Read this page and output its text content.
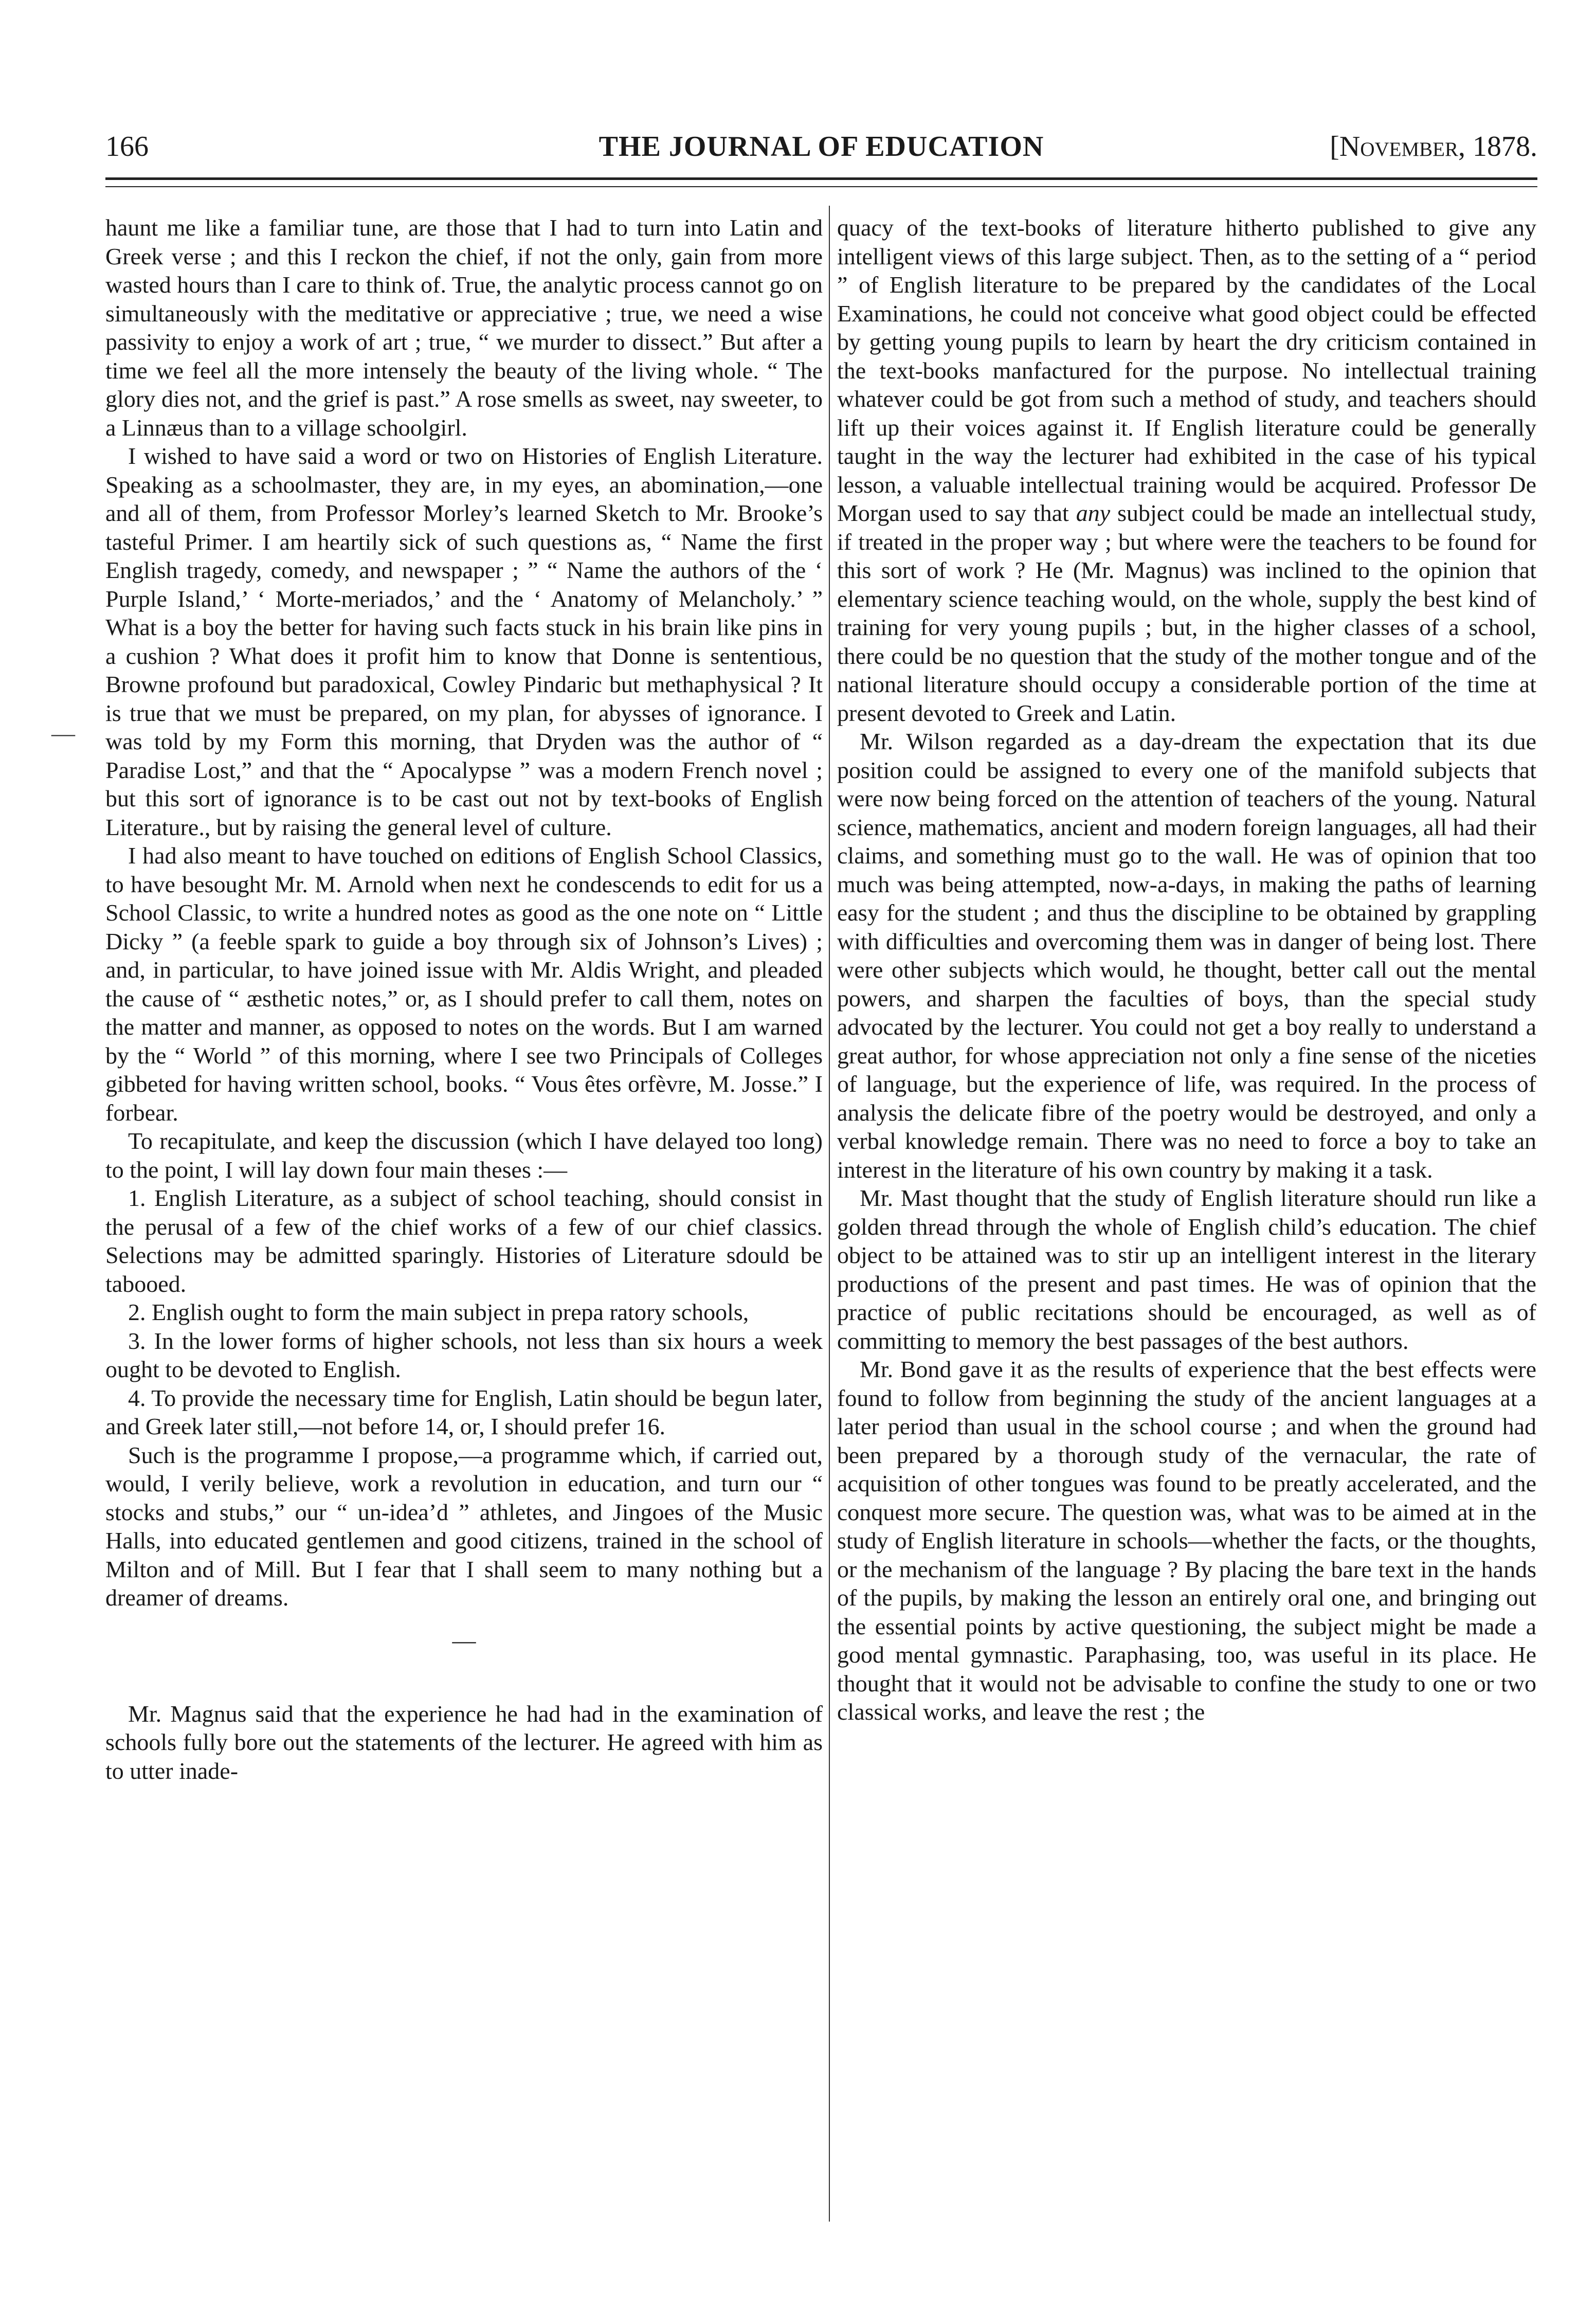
166	THE JOURNAL OF EDUCATION	[November, 1878.
—

haunt me like a familiar tune, are those that I had to turn into Latin and Greek verse ; and this I reckon the chief, if not the only, gain from more wasted hours than I care to think of. True, the analytic process cannot go on simultaneously with the meditative or appreciative ; true, we need a wise passivity to enjoy a work of art ; true, “ we murder to dissect.” But after a time we feel all the more intensely the beauty of the living whole. “ The glory dies not, and the grief is past.” A rose smells as sweet, nay sweeter, to a Linnæus than to a village schoolgirl.

I wished to have said a word or two on Histories of English Literature. Speaking as a schoolmaster, they are, in my eyes, an abomination,—one and all of them, from Professor Morley’s learned Sketch to Mr. Brooke’s tasteful Primer. I am heartily sick of such questions as, “ Name the first English tragedy, comedy, and newspaper ; ” “ Name the authors of the ‘ Purple Island,’ ‘ Morte-meriados,’ and the ‘ Anatomy of Melancholy.’ ” What is a boy the better for having such facts stuck in his brain like pins in a cushion ? What does it profit him to know that Donne is sententious, Browne profound but paradoxical, Cowley Pindaric but methaphysical ? It is true that we must be prepared, on my plan, for abysses of ignorance. I was told by my Form this morning, that Dryden was the author of “ Paradise Lost,” and that the “ Apocalypse ” was a modern French novel ; but this sort of ignorance is to be cast out not by text-books of English Literature., but by raising the general level of culture.

I had also meant to have touched on editions of English School Classics, to have besought Mr. M. Arnold when next he condescends to edit for us a School Classic, to write a hundred notes as good as the one note on “ Little Dicky ” (a feeble spark to guide a boy through six of Johnson’s Lives) ; and, in particular, to have joined issue with Mr. Aldis Wright, and pleaded the cause of “ æsthetic notes,” or, as I should prefer to call them, notes on the matter and manner, as opposed to notes on the words. But I am warned by the “ World ” of this morning, where I see two Principals of Colleges gibbeted for having written school, books. “ Vous êtes orfèvre, M. Josse.” I forbear.

To recapitulate, and keep the discussion (which I have delayed too long) to the point, I will lay down four main theses :—

1. English Literature, as a subject of school teaching, should consist in the perusal of a few of the chief works of a few of our chief classics. Selections may be admitted sparingly. Histories of Literature sdould be tabooed.

2. English ought to form the main subject in prepa ratory schools,

3. In the lower forms of higher schools, not less than six hours a week ought to be devoted to English.

4. To provide the necessary time for English, Latin should be begun later, and Greek later still,—not before 14, or, I should prefer 16.

Such is the programme I propose,—a programme which, if carried out, would, I verily believe, work a revolution in education, and turn our “ stocks and stubs,” our “ un-idea’d ” athletes, and Jingoes of the Music Halls, into educated gentlemen and good citizens, trained in the school of Milton and of Mill. But I fear that I shall seem to many nothing but a dreamer of dreams.

—

Mr. Magnus said that the experience he had had in the examination of schools fully bore out the statements of the lecturer. He agreed with him as to utter inade-

quacy of the text-books of literature hitherto published to give any intelligent views of this large subject. Then, as to the setting of a “ period ” of English literature to be prepared by the candidates of the Local Examinations, he could not conceive what good object could be effected by getting young pupils to learn by heart the dry criticism contained in the text-books manfactured for the purpose. No intellectual training whatever could be got from such a method of study, and teachers should lift up their voices against it. If English literature could be generally taught in the way the lecturer had exhibited in the case of his typical lesson, a valuable intellectual training would be acquired. Professor De Morgan used to say that any subject could be made an intellectual study, if treated in the proper way ; but where were the teachers to be found for this sort of work ? He (Mr. Magnus) was inclined to the opinion that elementary science teaching would, on the whole, supply the best kind of training for very young pupils ; but, in the higher classes of a school, there could be no question that the study of the mother tongue and of the national literature should occupy a considerable portion of the time at present devoted to Greek and Latin.

Mr. Wilson regarded as a day-dream the expectation that its due position could be assigned to every one of the manifold subjects that were now being forced on the attention of teachers of the young. Natural science, mathematics, ancient and modern foreign languages, all had their claims, and something must go to the wall. He was of opinion that too much was being attempted, now-a-days, in making the paths of learning easy for the student ; and thus the discipline to be obtained by grappling with difficulties and overcoming them was in danger of being lost. There were other subjects which would, he thought, better call out the mental powers, and sharpen the faculties of boys, than the special study advocated by the lecturer. You could not get a boy really to understand a great author, for whose appreciation not only a fine sense of the niceties of language, but the experience of life, was required. In the process of analysis the delicate fibre of the poetry would be destroyed, and only a verbal knowledge remain. There was no need to force a boy to take an interest in the literature of his own country by making it a task.

Mr. Mast thought that the study of English literature should run like a golden thread through the whole of English child’s education. The chief object to be attained was to stir up an intelligent interest in the literary productions of the present and past times. He was of opinion that the practice of public recitations should be encouraged, as well as of committing to memory the best passages of the best authors.

Mr. Bond gave it as the results of experience that the best effects were found to follow from beginning the study of the ancient languages at a later period than usual in the school course ; and when the ground had been prepared by a thorough study of the vernacular, the rate of acquisition of other tongues was found to be preatly accelerated, and the conquest more secure. The question was, what was to be aimed at in the study of English literature in schools—whether the facts, or the thoughts, or the mechanism of the language ? By placing the bare text in the hands of the pupils, by making the lesson an entirely oral one, and bringing out the essential points by active questioning, the subject might be made a good mental gymnastic. Paraphasing, too, was useful in its place. He thought that it would not be advisable to confine the study to one or two classical works, and leave the rest ; the
